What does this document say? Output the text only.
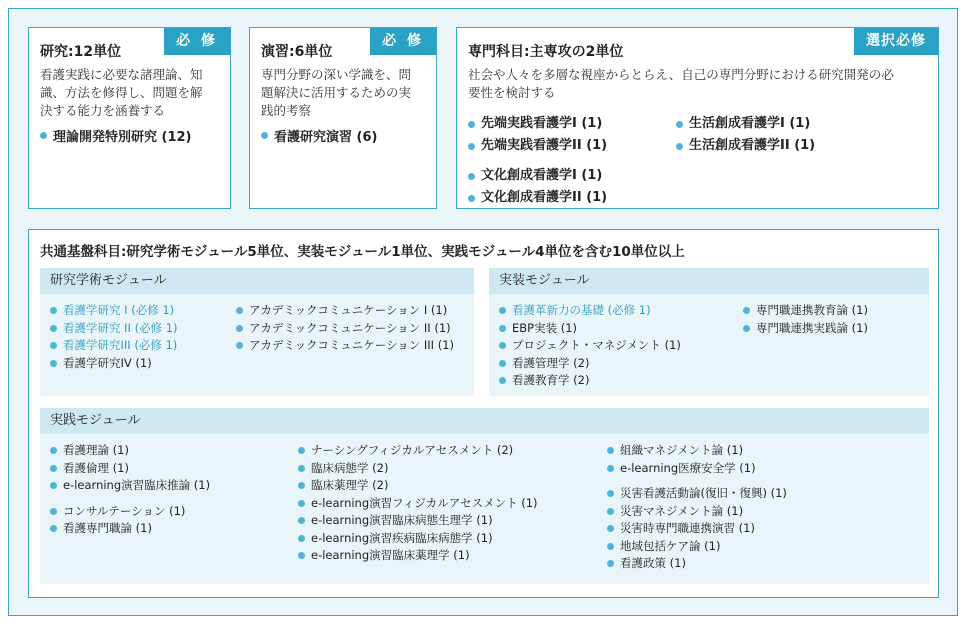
必 修
研究:12単位
看護実践に必要な諸理論、知
識、方法を修得し、問題を解
決する能力を涵養する
理論開発特別研究 (12)
必 修
演習:6単位
専門分野の深い学識を、問
題解決に活用するための実
践的考察
看護研究演習 (6)
選択必修
専門科目:主専攻の2単位
社会や人々を多層な視座からとらえ、自己の専門分野における研究開発の必
要性を検討する
先端実践看護学I (1)
先端実践看護学II (1)
文化創成看護学I (1)
文化創成看護学II (1)
生活創成看護学I (1)
生活創成看護学II (1)
共通基盤科目:研究学術モジュール5単位、実装モジュール1単位、実践モジュール4単位を含む10単位以上
研究学術モジュール
看護学研究 I (必修 1)
看護学研究 II (必修 1)
看護学研究III (必修 1)
看護学研究IV (1)
アカデミックコミュニケーション I (1)
アカデミックコミュニケーション II (1)
アカデミックコミュニケーション III (1)
実装モジュール
看護革新力の基礎 (必修 1)
EBP実装 (1)
プロジェクト・マネジメント (1)
看護管理学 (2)
看護教育学 (2)
専門職連携教育論 (1)
専門職連携実践論 (1)
実践モジュール
看護理論 (1)
看護倫理 (1)
e-learning演習臨床推論 (1)
コンサルテーション (1)
看護専門職論 (1)
ナーシングフィジカルアセスメント (2)
臨床病態学 (2)
臨床薬理学 (2)
e-learning演習フィジカルアセスメント (1)
e-learning演習臨床病態生理学 (1)
e-learning演習疾病臨床病態学 (1)
e-learning演習臨床薬理学 (1)
組織マネジメント論 (1)
e-learning医療安全学 (1)
災害看護活動論(復旧・復興) (1)
災害マネジメント論 (1)
災害時専門職連携演習 (1)
地域包括ケア論 (1)
看護政策 (1)
